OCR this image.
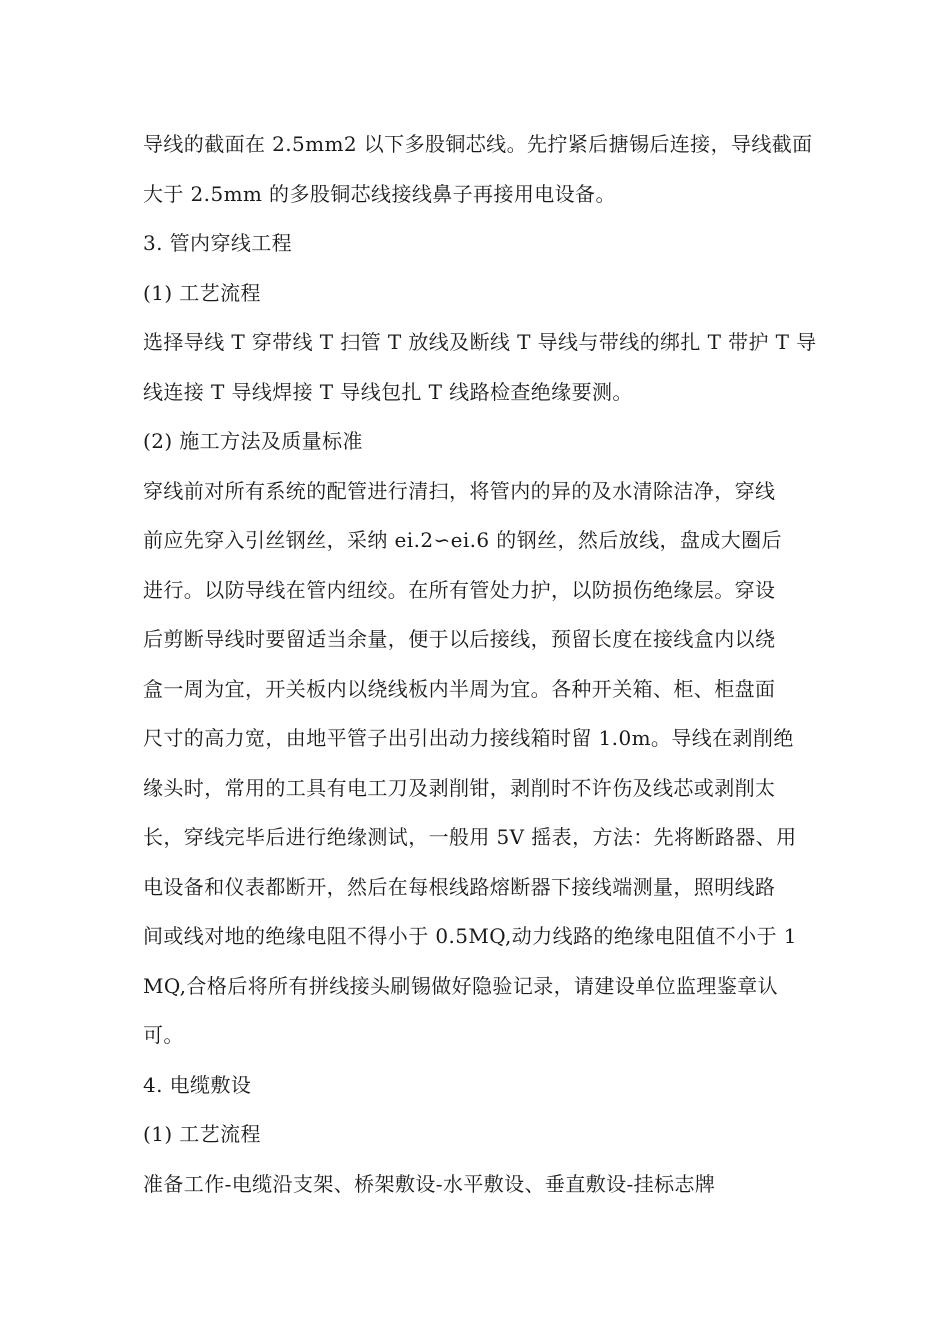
导线的截面在 2.5mm2 以下多股铜芯线。先拧紧后搪锡后连接，导线截面
大于 2.5mm 的多股铜芯线接线鼻子再接用电设备。
3. 管内穿线工程
(1) 工艺流程
选择导线 T 穿带线 T 扫管 T 放线及断线 T 导线与带线的绑扎 T 带护 T 导
线连接 T 导线焊接 T 导线包扎 T 线路检查绝缘要测。
(2) 施工方法及质量标准
穿线前对所有系统的配管进行清扫，将管内的异的及水清除洁净，穿线
前应先穿入引丝钢丝，采纳 ei.2∽ei.6 的钢丝，然后放线，盘成大圈后
进行。以防导线在管内纽绞。在所有管处力护，以防损伤绝缘层。穿设
后剪断导线时要留适当余量，便于以后接线，预留长度在接线盒内以绕
盒一周为宜，开关板内以绕线板内半周为宜。各种开关箱、柜、柜盘面
尺寸的高力宽，由地平管子出引出动力接线箱时留 1.0m。导线在剥削绝
缘头时，常用的工具有电工刀及剥削钳，剥削时不许伤及线芯或剥削太
长，穿线完毕后进行绝缘测试，一般用 5V 摇表，方法：先将断路器、用
电设备和仪表都断开，然后在每根线路熔断器下接线端测量，照明线路
间或线对地的绝缘电阻不得小于 0.5MQ,动力线路的绝缘电阻值不小于 1
MQ,合格后将所有拼线接头刷锡做好隐验记录，请建设单位监理鉴章认
可。
4. 电缆敷设
(1) 工艺流程
准备工作-电缆沿支架、桥架敷设-水平敷设、垂直敷设-挂标志牌
